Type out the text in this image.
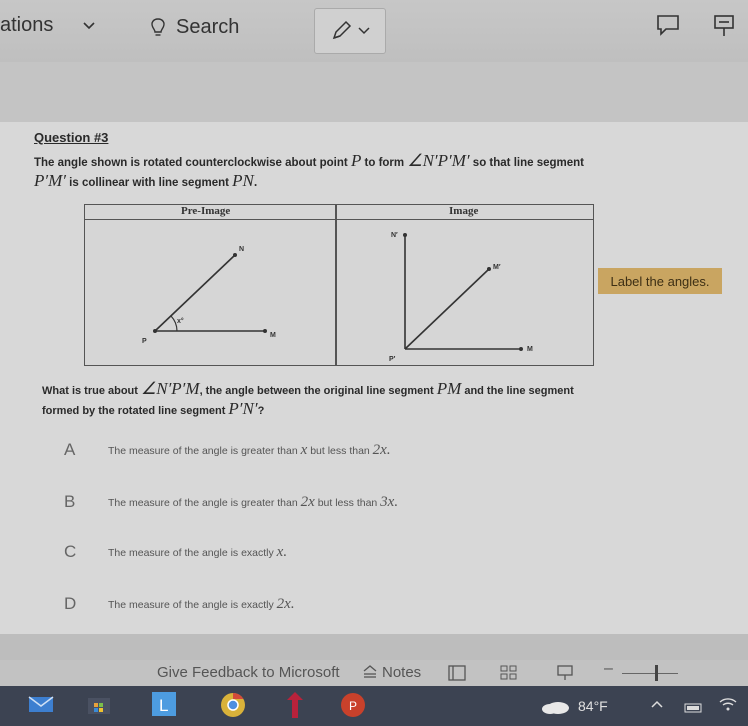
ations	Search
Question #3
The angle shown is rotated counterclockwise about point P to form ∠N′P′M′ so that line segment
P′M′ is collinear with line segment PN.
Pre-Image	Image
P
N
M
x°
N′
M′
M
P′
Label the angles.
What is true about ∠N′P′M, the angle between the original line segment PM and the line segment formed by the rotated line segment P′N′?
A	The measure of the angle is greater than x but less than 2x.
B	The measure of the angle is greater than 2x but less than 3x.
C	The measure of the angle is exactly x.
D	The measure of the angle is exactly 2x.
Give Feedback to Microsoft	Notes	–
L	P	84°F
